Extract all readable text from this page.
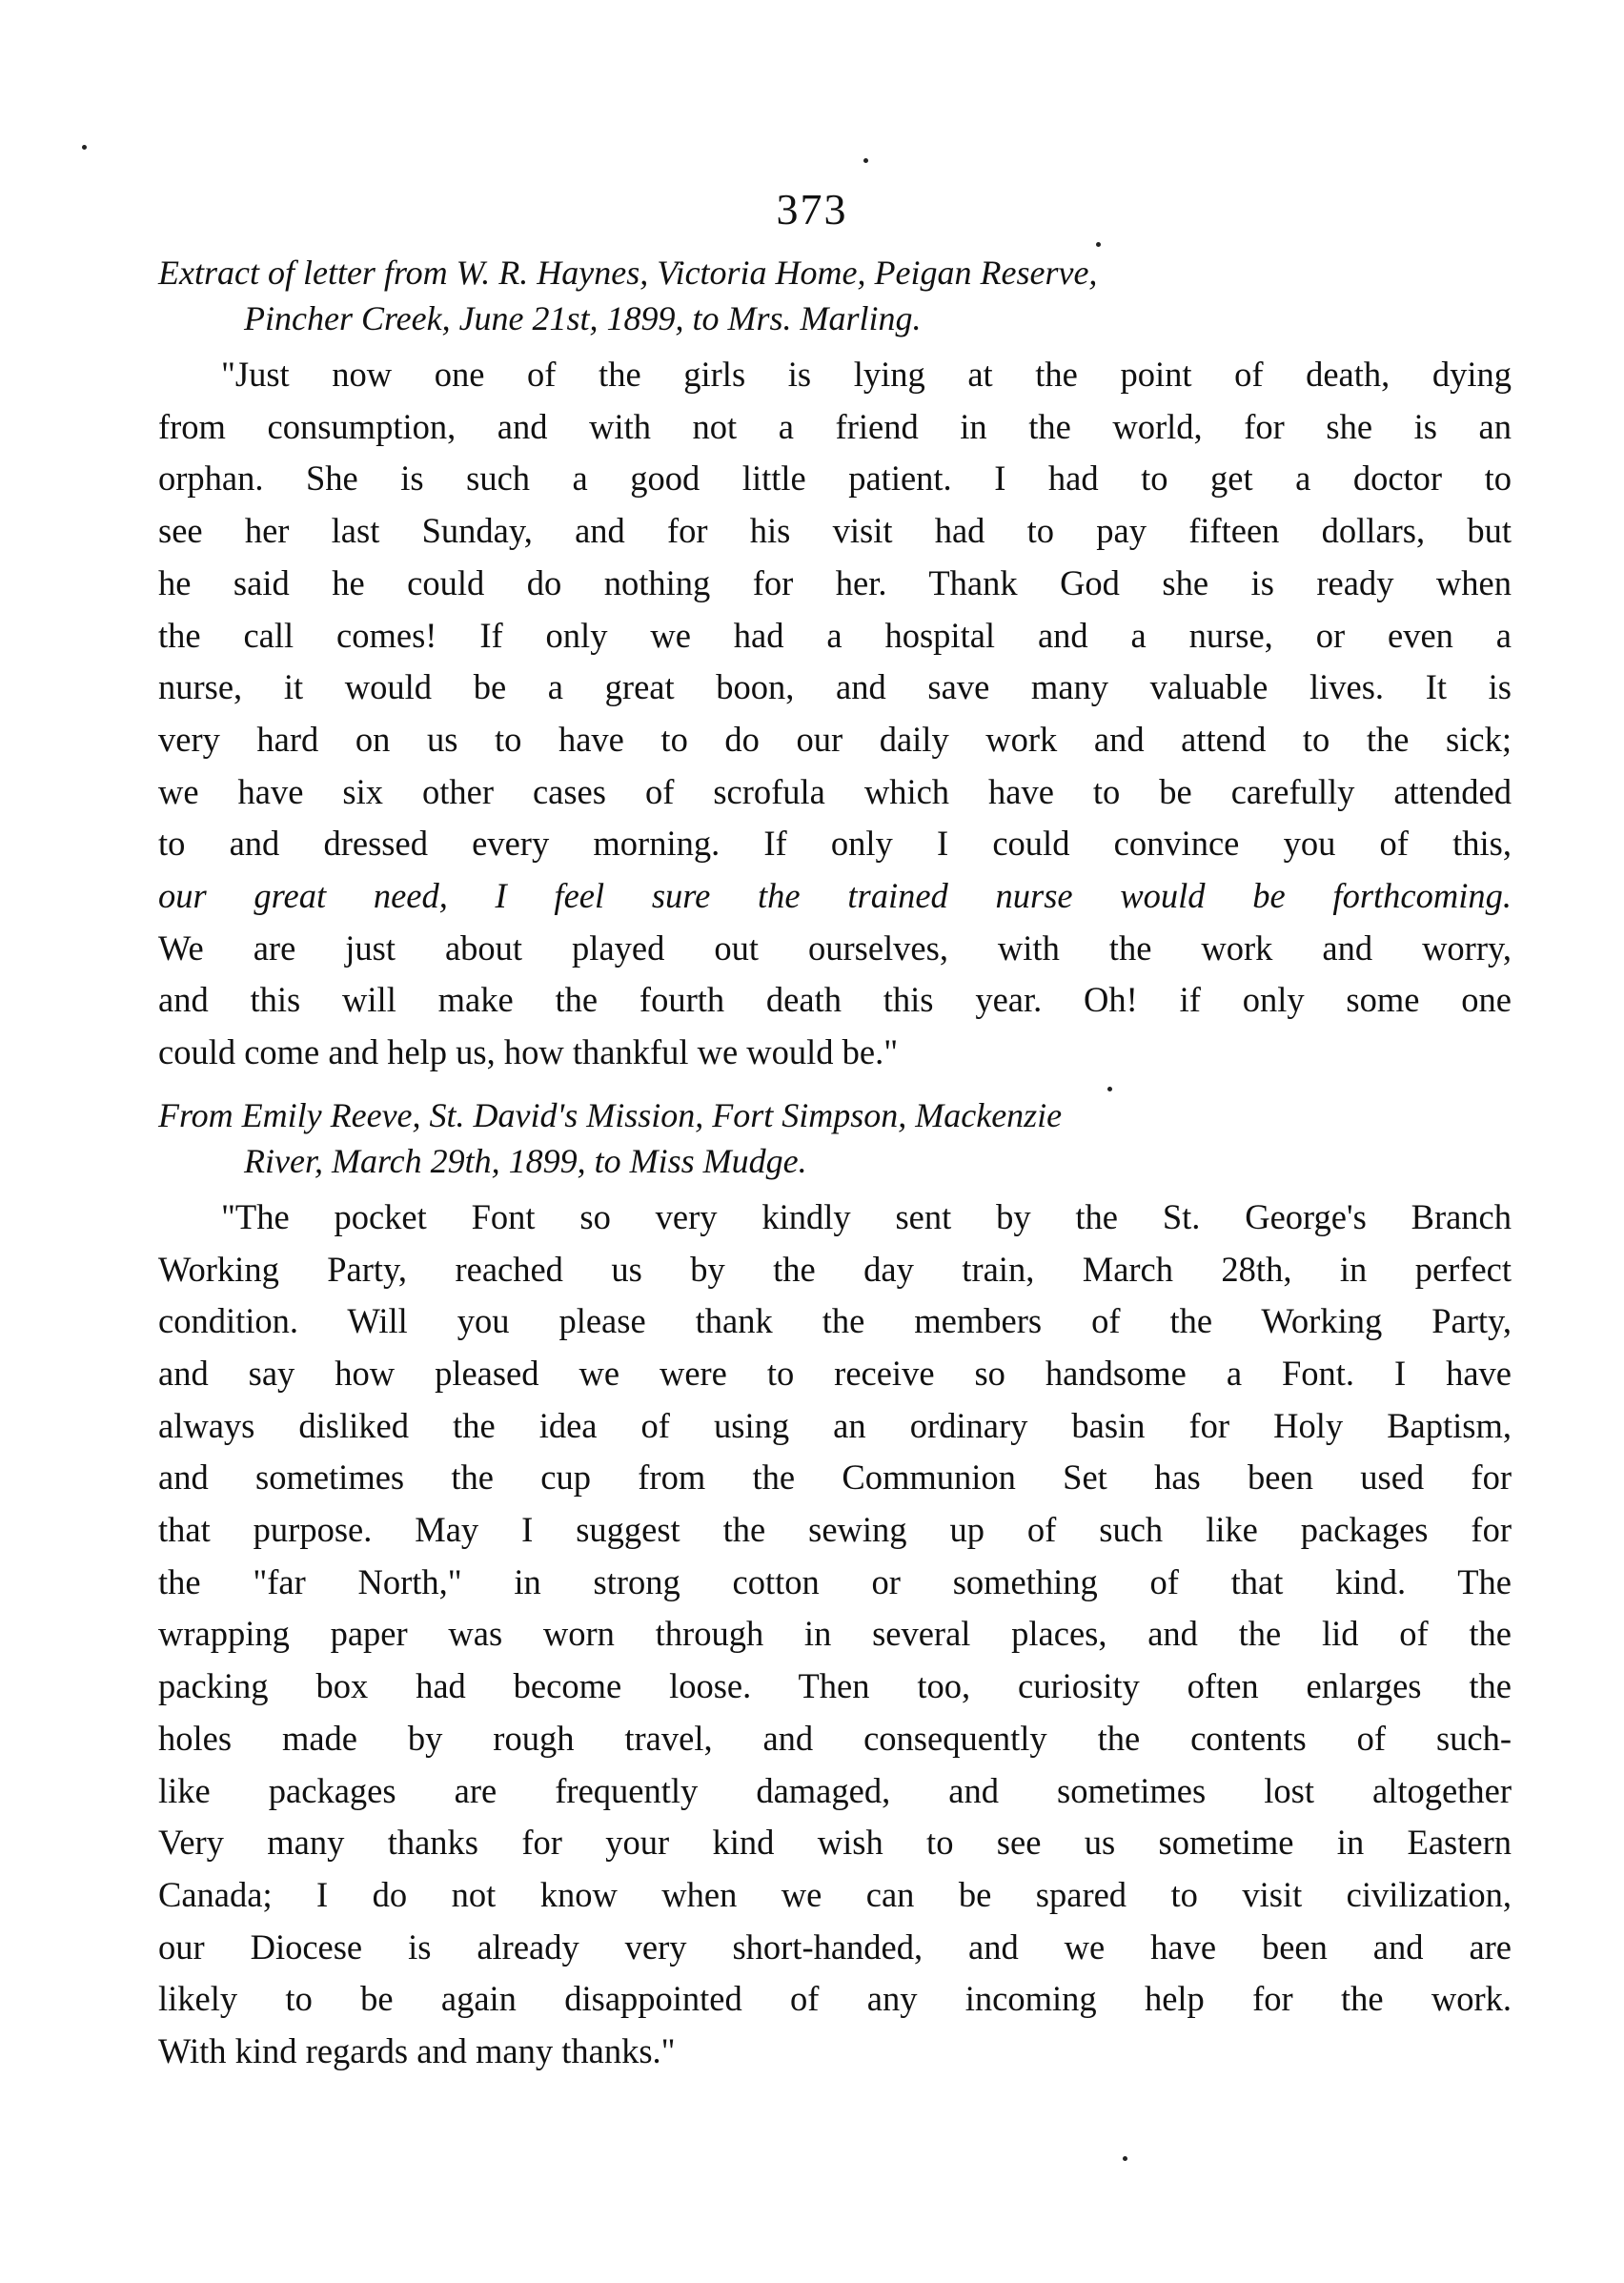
373

Extract of letter from W. R. Haynes, Victoria Home, Peigan Reserve,
Pincher Creek, June 21st, 1899, to Mrs. Marling.

"Just now one of the girls is lying at the point of death, dying
from consumption, and with not a friend in the world, for she is an
orphan. She is such a good little patient. I had to get a doctor to
see her last Sunday, and for his visit had to pay fifteen dollars, but
he said he could do nothing for her. Thank God she is ready when
the call comes! If only we had a hospital and a nurse, or even a
nurse, it would be a great boon, and save many valuable lives. It is
very hard on us to have to do our daily work and attend to the sick;
we have six other cases of scrofula which have to be carefully attended
to and dressed every morning. If only I could convince you of this,
our great need, I feel sure the trained nurse would be forthcoming.
We are just about played out ourselves, with the work and worry,
and this will make the fourth death this year. Oh! if only some one
could come and help us, how thankful we would be."

From Emily Reeve, St. David's Mission, Fort Simpson, Mackenzie
River, March 29th, 1899, to Miss Mudge.

"The pocket Font so very kindly sent by the St. George's Branch
Working Party, reached us by the day train, March 28th, in perfect
condition. Will you please thank the members of the Working Party,
and say how pleased we were to receive so handsome a Font. I have
always disliked the idea of using an ordinary basin for Holy Baptism,
and sometimes the cup from the Communion Set has been used for
that purpose. May I suggest the sewing up of such like packages for
the "far North," in strong cotton or something of that kind. The
wrapping paper was worn through in several places, and the lid of the
packing box had become loose. Then too, curiosity often enlarges the
holes made by rough travel, and consequently the contents of such-
like packages are frequently damaged, and sometimes lost altogether
Very many thanks for your kind wish to see us sometime in Eastern
Canada; I do not know when we can be spared to visit civilization,
our Diocese is already very short-handed, and we have been and are
likely to be again disappointed of any incoming help for the work.
With kind regards and many thanks."
